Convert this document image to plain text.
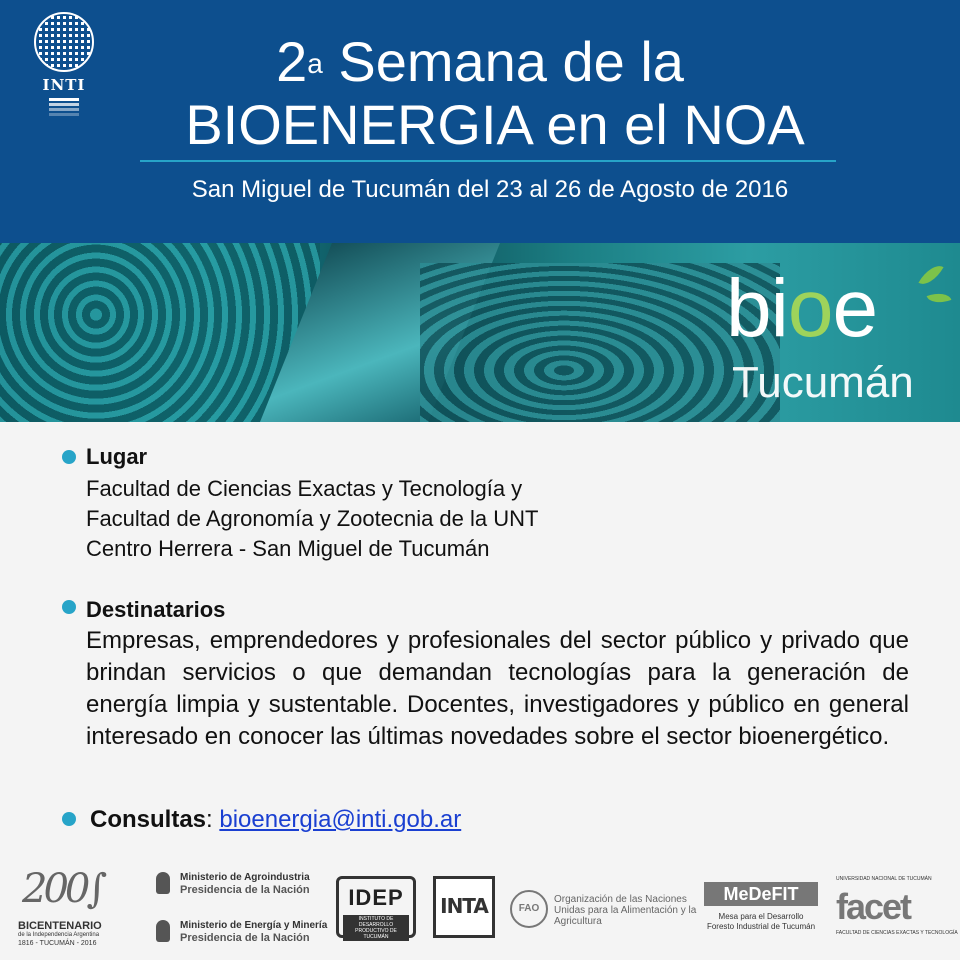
INTI	2$^a$ Semana de la
BIOENERGIA en el NOA
San Miguel de Tucumán del 23 al 26 de Agosto de 2016
bioe
Tucumán
Lugar
Facultad de Ciencias Exactas y Tecnología y
Facultad de Agronomía y Zootecnia de la UNT
Centro Herrera - San Miguel de Tucumán
Destinatarios
Empresas, emprendedores y profesionales del sector público y privado que brindan servicios o que demandan tecnologías para la generación de energía limpia y sustentable. Docentes, investigadores y público en general interesado en conocer las últimas novedades sobre el sector bioenergético.
Consultas: bioenergia@inti.gob.ar
200∫
BICENTENARIO
de la Independencia Argentina
1816 - TUCUMÁN - 2016
Ministerio de Agroindustria
Presidencia de la Nación
Ministerio de Energía y Minería
Presidencia de la Nación
IDEP
INSTITUTO DE DESARROLLO PRODUCTIVO DE TUCUMÁN
INTA	FAO
Organización de las Naciones Unidas para la Alimentación y la Agricultura
MeDeFIT
Mesa para el Desarrollo Foresto Industrial de Tucumán
UNIVERSIDAD NACIONAL DE TUCUMÁN
facet
FACULTAD DE CIENCIAS EXACTAS Y TECNOLOGÍA
